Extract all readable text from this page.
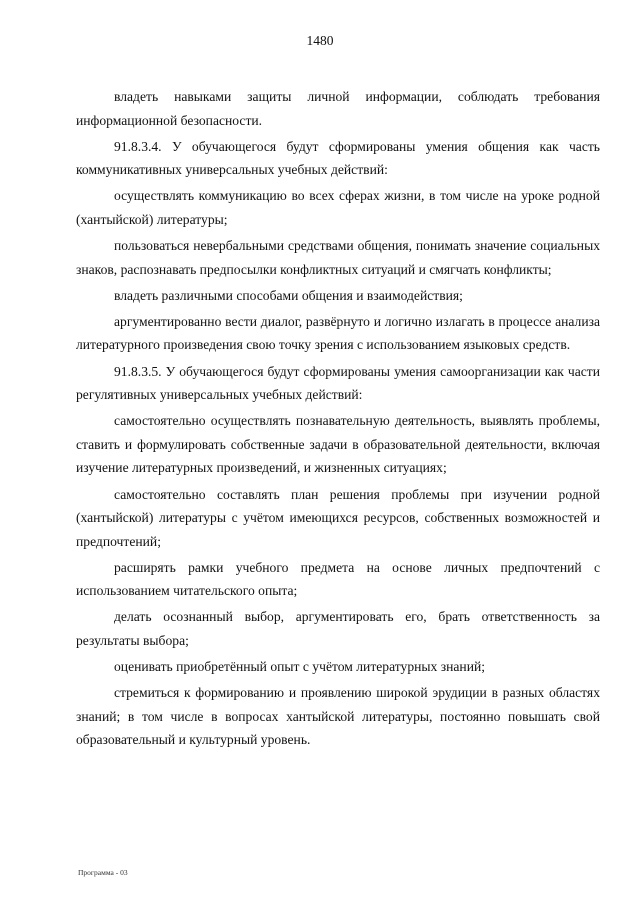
1480

владеть навыками защиты личной информации, соблюдать требования информационной безопасности.

91.8.3.4. У обучающегося будут сформированы умения общения как часть коммуникативных универсальных учебных действий:

осуществлять коммуникацию во всех сферах жизни, в том числе на уроке родной (хантыйской) литературы;

пользоваться невербальными средствами общения, понимать значение социальных знаков, распознавать предпосылки конфликтных ситуаций и смягчать конфликты;

владеть различными способами общения и взаимодействия;

аргументированно вести диалог, развёрнуто и логично излагать в процессе анализа литературного произведения свою точку зрения с использованием языковых средств.

91.8.3.5. У обучающегося будут сформированы умения самоорганизации как части регулятивных универсальных учебных действий:

самостоятельно осуществлять познавательную деятельность, выявлять проблемы, ставить и формулировать собственные задачи в образовательной деятельности, включая изучение литературных произведений, и жизненных ситуациях;

самостоятельно составлять план решения проблемы при изучении родной (хантыйской) литературы с учётом имеющихся ресурсов, собственных возможностей и предпочтений;

расширять рамки учебного предмета на основе личных предпочтений с использованием читательского опыта;

делать осознанный выбор, аргументировать его, брать ответственность за результаты выбора;

оценивать приобретённый опыт с учётом литературных знаний;

стремиться к формированию и проявлению широкой эрудиции в разных областях знаний; в том числе в вопросах хантыйской литературы, постоянно повышать свой образовательный и культурный уровень.

Программа - 03
